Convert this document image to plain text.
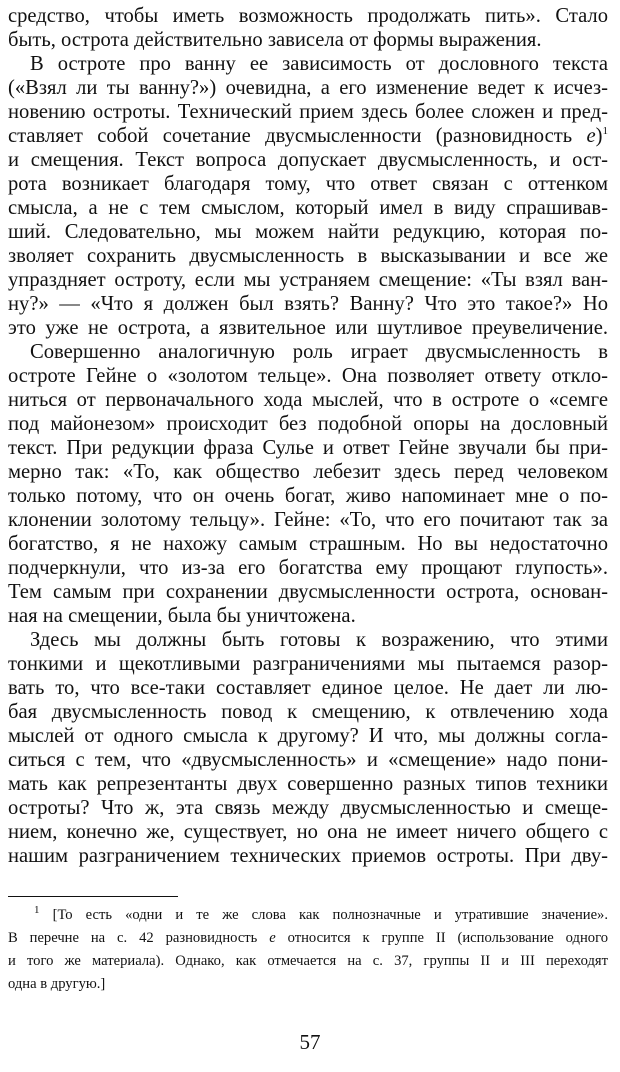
средство, чтобы иметь возможность продолжать пить». Стало
быть, острота действительно зависела от формы выражения.
В остроте про ванну ее зависимость от дословного текста
(«Взял ли ты ванну?») очевидна, а его изменение ведет к исчез-
новению остроты. Технический прием здесь более сложен и пред-
ставляет собой сочетание двусмысленности (разновидность e)$^1$
и смещения. Текст вопроса допускает двусмысленность, и ост-
рота возникает благодаря тому, что ответ связан с оттенком
смысла, а не с тем смыслом, который имел в виду спрашивав-
ший. Следовательно, мы можем найти редукцию, которая по-
зволяет сохранить двусмысленность в высказывании и все же
упраздняет остроту, если мы устраняем смещение: «Ты взял ван-
ну?» — «Что я должен был взять? Ванну? Что это такое?» Но
это уже не острота, а язвительное или шутливое преувеличение.
Совершенно аналогичную роль играет двусмысленность в
остроте Гейне о «золотом тельце». Она позволяет ответу откло-
ниться от первоначального хода мыслей, что в остроте о «семге
под майонезом» происходит без подобной опоры на дословный
текст. При редукции фраза Сулье и ответ Гейне звучали бы при-
мерно так: «То, как общество лебезит здесь перед человеком
только потому, что он очень богат, живо напоминает мне о по-
клонении золотому тельцу». Гейне: «То, что его почитают так за
богатство, я не нахожу самым страшным. Но вы недостаточно
подчеркнули, что из-за его богатства ему прощают глупость».
Тем самым при сохранении двусмысленности острота, основан-
ная на смещении, была бы уничтожена.
Здесь мы должны быть готовы к возражению, что этими
тонкими и щекотливыми разграничениями мы пытаемся разор-
вать то, что все-таки составляет единое целое. Не дает ли лю-
бая двусмысленность повод к смещению, к отвлечению хода
мыслей от одного смысла к другому? И что, мы должны согла-
ситься с тем, что «двусмысленность» и «смещение» надо пони-
мать как репрезентанты двух совершенно разных типов техники
остроты? Что ж, эта связь между двусмысленностью и смеще-
нием, конечно же, существует, но она не имеет ничего общего с
нашим разграничением технических приемов остроты. При дву-
$^1$ [То есть «одни и те же слова как полнозначные и утратившие значение».
В перечне на с. 42 разновидность e относится к группе II (использование одного
и того же материала). Однако, как отмечается на с. 37, группы II и III переходят
одна в другую.]
57
